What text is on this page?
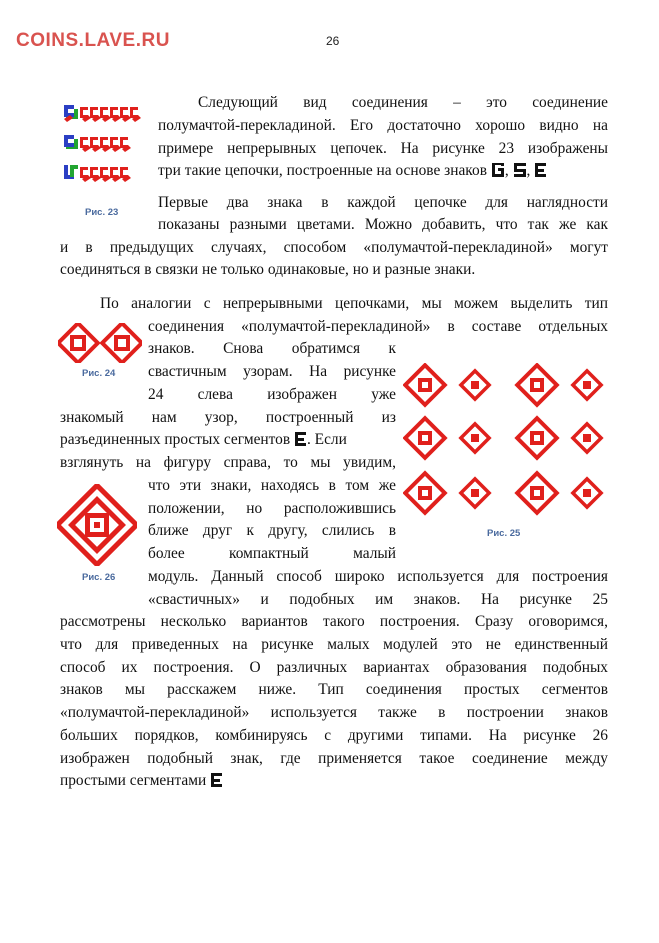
COINS.LAVE.RU	26
Рис. 23
Следующий вид соединения – это соединение
полумачтой-перекладиной. Его достаточно хорошо видно на
примере непрерывных цепочек. На рисунке 23 изображены
три такие цепочки, построенные на основе знаков , ,
Первые два знака в каждой цепочке для наглядности
показаны разными цветами. Можно добавить, что так же как
и в предыдущих случаях, способом «полумачтой-перекладиной» могут
соединяться в связки не только одинаковые, но и разные знаки.
По аналогии с непрерывными цепочками, мы можем выделить тип
соединения «полумачтой-перекладиной» в составе отдельных
знаков. Снова обратимся к
свастичным узорам. На рисунке
24 слева изображен уже
знакомый нам узор, построенный из
разъединенных простых сегментов . Если
взглянуть на фигуру справа, то мы увидим,
что эти знаки, находясь в том же
положении, но расположившись
ближе друг к другу, слились в
более компактный малый
модуль. Данный способ широко используется для построения
«свастичных» и подобных им знаков. На рисунке 25
рассмотрены несколько вариантов такого построения. Сразу оговоримся,
что для приведенных на рисунке малых модулей это не единственный
способ их построения. О различных вариантах образования подобных
знаков мы расскажем ниже. Тип соединения простых сегментов
«полумачтой-перекладиной» используется также в построении знаков
больших порядков, комбинируясь с другими типами. На рисунке 26
изображен подобный знак, где применяется такое соединение между
простыми сегментами
Рис. 24
Рис. 25
Рис. 26
